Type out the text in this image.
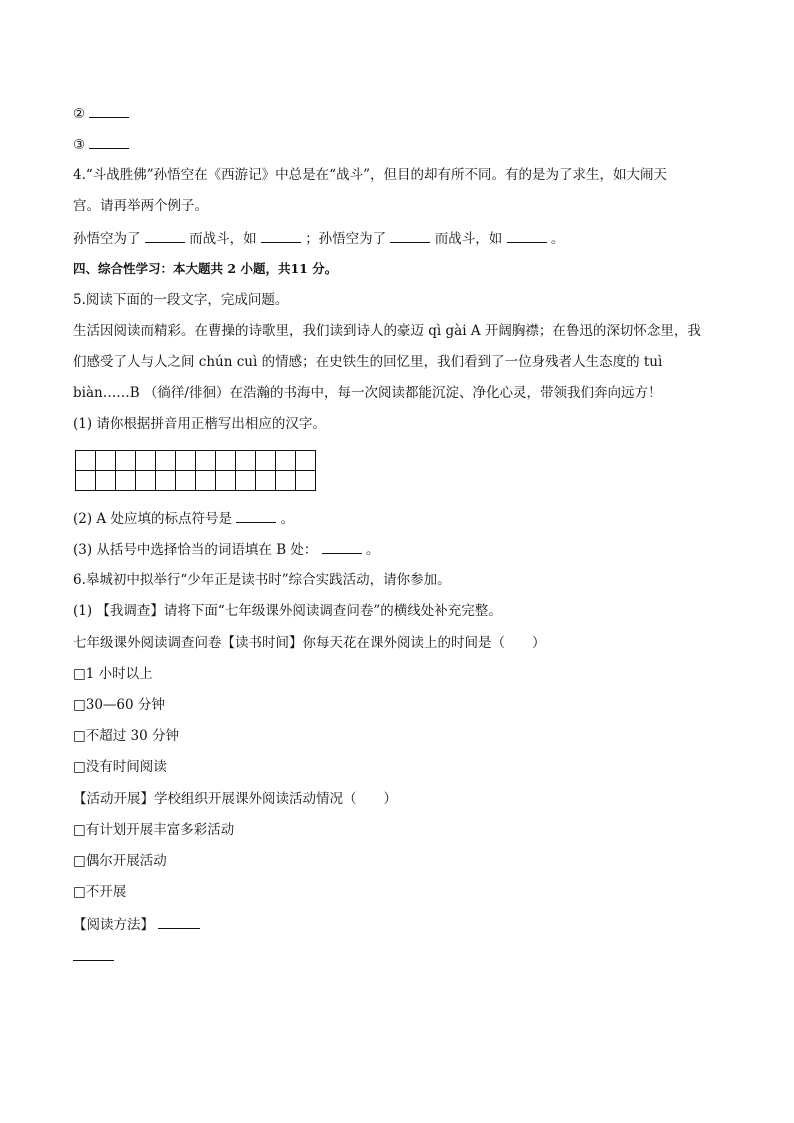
②
③
4.“斗战胜佛”孙悟空在《西游记》中总是在“战斗”，但目的却有所不同。有的是为了求生，如大闹天
宫。请再举两个例子。
孙悟空为了	而战斗，如	；孙悟空为了	而战斗，如	。
四、综合性学习：本大题共 2 小题，共11 分。
5.阅读下面的一段文字，完成问题。
生活因阅读而精彩。在曹操的诗歌里，我们读到诗人的豪迈 qì gài A 开阔胸襟；在鲁迅的深切怀念里，我
们感受了人与人之间 chún cuì 的情感；在史铁生的回忆里，我们看到了一位身残者人生态度的 tuì
biàn……B （徜徉/徘徊）在浩瀚的书海中，每一次阅读都能沉淀、净化心灵，带领我们奔向远方！
(1) 请你根据拼音用正楷写出相应的汉字。

(2) A 处应填的标点符号是	。
(3) 从括号中选择恰当的词语填在 B 处：	。
6.皋城初中拟举行“少年正是读书时”综合实践活动，请你参加。
(1) 【我调查】请将下面“七年级课外阅读调查问卷”的横线处补充完整。
七年级课外阅读调查问卷【读书时间】你每天花在课外阅读上的时间是（　　）
□1 小时以上
□30—60 分钟
□不超过 30 分钟
□没有时间阅读
【活动开展】学校组织开展课外阅读活动情况（　　）
□有计划开展丰富多彩活动
□偶尔开展活动
□不开展
【阅读方法】
